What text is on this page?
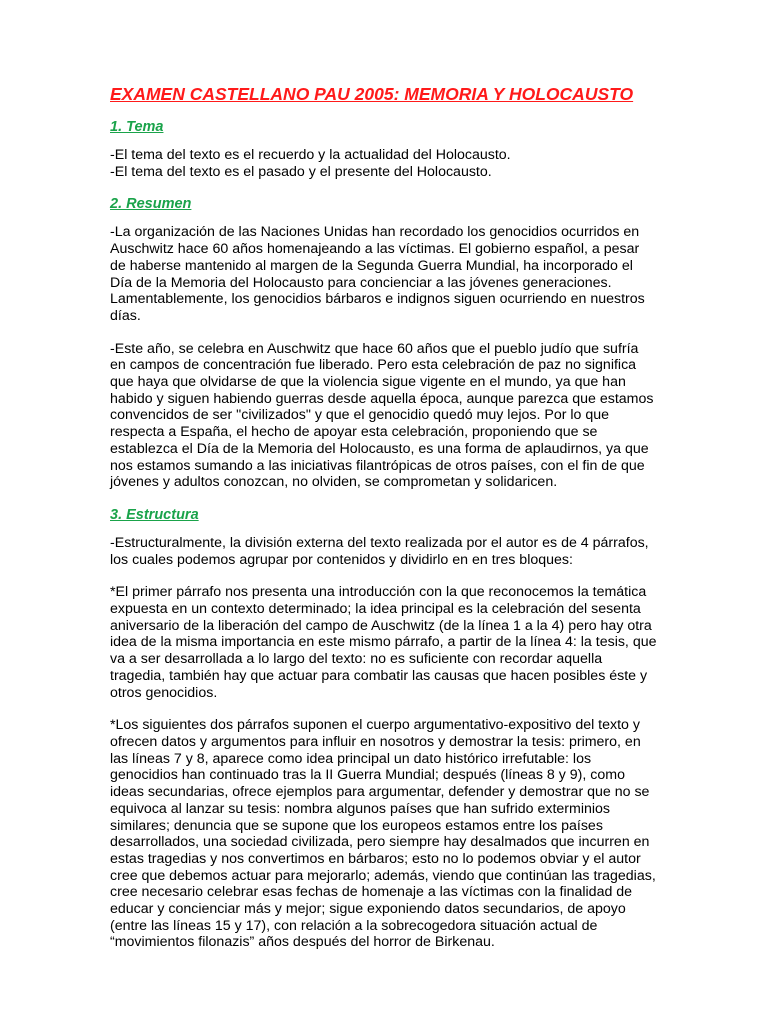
EXAMEN CASTELLANO PAU 2005: MEMORIA Y HOLOCAUSTO
1. Tema

-El tema del texto es el recuerdo y la actualidad del Holocausto.

-El tema del texto es el pasado y el presente del Holocausto.

2. Resumen

-La organización de las Naciones Unidas han recordado los genocidios ocurridos en Auschwitz hace 60 años homenajeando a las víctimas. El gobierno español, a pesar de haberse mantenido al margen de la Segunda Guerra Mundial, ha incorporado el Día de la Memoria del Holocausto para concienciar a las jóvenes generaciones. Lamentablemente, los genocidios bárbaros e indignos siguen ocurriendo en nuestros días.

-Este año, se celebra en Auschwitz que hace 60 años que el pueblo judío que sufría en campos de concentración fue liberado. Pero esta celebración de paz no significa que haya que olvidarse de que la violencia sigue vigente en el mundo, ya que han habido y siguen habiendo guerras desde aquella época, aunque parezca que estamos convencidos de ser "civilizados" y que el genocidio quedó muy lejos. Por lo que respecta a España, el hecho de apoyar esta celebración, proponiendo que se establezca el Día de la Memoria del Holocausto, es una forma de aplaudirnos, ya que nos estamos sumando a las iniciativas filantrópicas de otros países, con el fin de que jóvenes y adultos conozcan, no olviden, se comprometan y solidaricen.

3. Estructura

-Estructuralmente, la división externa del texto realizada por el autor es de 4 párrafos, los cuales podemos agrupar por contenidos y dividirlo en en tres bloques:

*El primer párrafo nos presenta una introducción con la que reconocemos la temática expuesta en un contexto determinado; la idea principal es la celebración del sesenta aniversario de la liberación del campo de Auschwitz (de la línea 1 a la 4) pero hay otra idea de la misma importancia en este mismo párrafo, a partir de la línea 4: la tesis, que va a ser desarrollada a lo largo del texto: no es suficiente con recordar aquella tragedia, también hay que actuar para combatir las causas que hacen posibles éste y otros genocidios.

*Los siguientes dos párrafos suponen el cuerpo argumentativo-expositivo del texto y ofrecen datos y argumentos para influir en nosotros y demostrar la tesis: primero, en las líneas 7 y 8, aparece como idea principal un dato histórico irrefutable: los genocidios han continuado tras la II Guerra Mundial; después (líneas 8 y 9), como ideas secundarias, ofrece ejemplos para argumentar, defender y demostrar que no se equivoca al lanzar su tesis: nombra algunos países que han sufrido exterminios similares; denuncia que se supone que los europeos estamos entre los países desarrollados, una sociedad civilizada, pero siempre hay desalmados que incurren en estas tragedias y nos convertimos en bárbaros; esto no lo podemos obviar y el autor cree que debemos actuar para mejorarlo; además, viendo que continúan las tragedias, cree necesario celebrar esas fechas de homenaje a las víctimas con la finalidad de educar y concienciar más y mejor; sigue exponiendo datos secundarios, de apoyo (entre las líneas 15 y 17), con relación a la sobrecogedora situación actual de “movimientos filonazis” años después del horror de Birkenau.
